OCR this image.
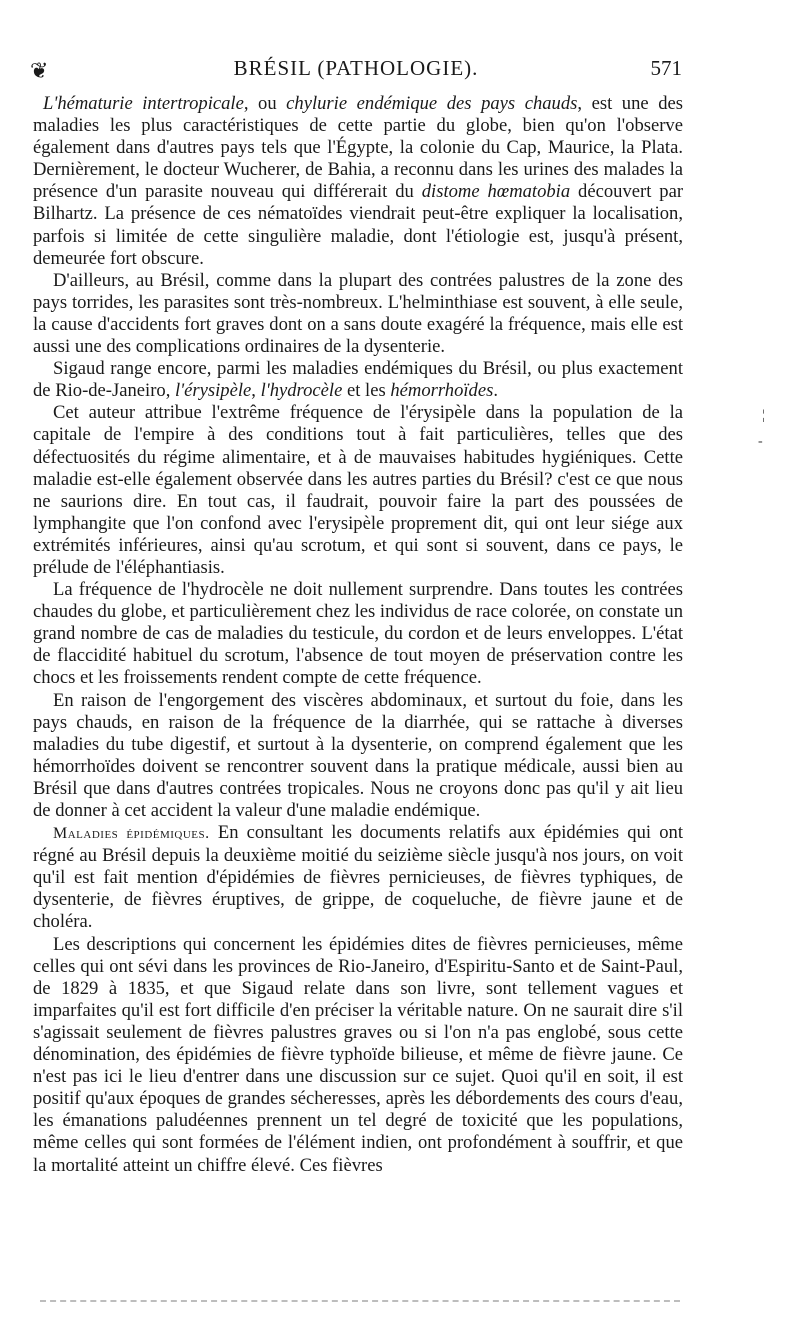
❦	BRÉSIL (PATHOLOGIE).	571

L'hématurie intertropicale, ou chylurie endémique des pays chauds, est une des maladies les plus caractéristiques de cette partie du globe, bien qu'on l'observe également dans d'autres pays tels que l'Égypte, la colonie du Cap, Maurice, la Plata. Dernièrement, le docteur Wucherer, de Bahia, a reconnu dans les urines des malades la présence d'un parasite nouveau qui différerait du distome hœmatobia découvert par Bilhartz. La présence de ces nématoïdes viendrait peut-être expliquer la localisation, parfois si limitée de cette singulière maladie, dont l'étiologie est, jusqu'à présent, demeurée fort obscure.

D'ailleurs, au Brésil, comme dans la plupart des contrées palustres de la zone des pays torrides, les parasites sont très-nombreux. L'helminthiase est souvent, à elle seule, la cause d'accidents fort graves dont on a sans doute exagéré la fréquence, mais elle est aussi une des complications ordinaires de la dysenterie.

Sigaud range encore, parmi les maladies endémiques du Brésil, ou plus exactement de Rio-de-Janeiro, l'érysipèle, l'hydrocèle et les hémorrhoïdes.

Cet auteur attribue l'extrême fréquence de l'érysipèle dans la population de la capitale de l'empire à des conditions tout à fait particulières, telles que des défectuosités du régime alimentaire, et à de mauvaises habitudes hygiéniques. Cette maladie est-elle également observée dans les autres parties du Brésil? c'est ce que nous ne saurions dire. En tout cas, il faudrait, pouvoir faire la part des poussées de lymphangite que l'on confond avec l'erysipèle proprement dit, qui ont leur siége aux extrémités inférieures, ainsi qu'au scrotum, et qui sont si souvent, dans ce pays, le prélude de l'éléphantiasis.

La fréquence de l'hydrocèle ne doit nullement surprendre. Dans toutes les contrées chaudes du globe, et particulièrement chez les individus de race colorée, on constate un grand nombre de cas de maladies du testicule, du cordon et de leurs enveloppes. L'état de flaccidité habituel du scrotum, l'absence de tout moyen de préservation contre les chocs et les froissements rendent compte de cette fréquence.

En raison de l'engorgement des viscères abdominaux, et surtout du foie, dans les pays chauds, en raison de la fréquence de la diarrhée, qui se rattache à diverses maladies du tube digestif, et surtout à la dysenterie, on comprend également que les hémorrhoïdes doivent se rencontrer souvent dans la pratique médicale, aussi bien au Brésil que dans d'autres contrées tropicales. Nous ne croyons donc pas qu'il y ait lieu de donner à cet accident la valeur d'une maladie endémique.

Maladies épidémiques. En consultant les documents relatifs aux épidémies qui ont régné au Brésil depuis la deuxième moitié du seizième siècle jusqu'à nos jours, on voit qu'il est fait mention d'épidémies de fièvres pernicieuses, de fièvres typhiques, de dysenterie, de fièvres éruptives, de grippe, de coqueluche, de fièvre jaune et de choléra.

Les descriptions qui concernent les épidémies dites de fièvres pernicieuses, même celles qui ont sévi dans les provinces de Rio-Janeiro, d'Espiritu-Santo et de Saint-Paul, de 1829 à 1835, et que Sigaud relate dans son livre, sont tellement vagues et imparfaites qu'il est fort difficile d'en préciser la véritable nature. On ne saurait dire s'il s'agissait seulement de fièvres palustres graves ou si l'on n'a pas englobé, sous cette dénomination, des épidémies de fièvre typhoïde bilieuse, et même de fièvre jaune. Ce n'est pas ici le lieu d'entrer dans une discussion sur ce sujet. Quoi qu'il en soit, il est positif qu'aux époques de grandes sécheresses, après les débordements des cours d'eau, les émanations paludéennes prennent un tel degré de toxicité que les populations, même celles qui sont formées de l'élément indien, ont profondément à souffrir, et que la mortalité atteint un chiffre élevé. Ces fièvres

¦
-
